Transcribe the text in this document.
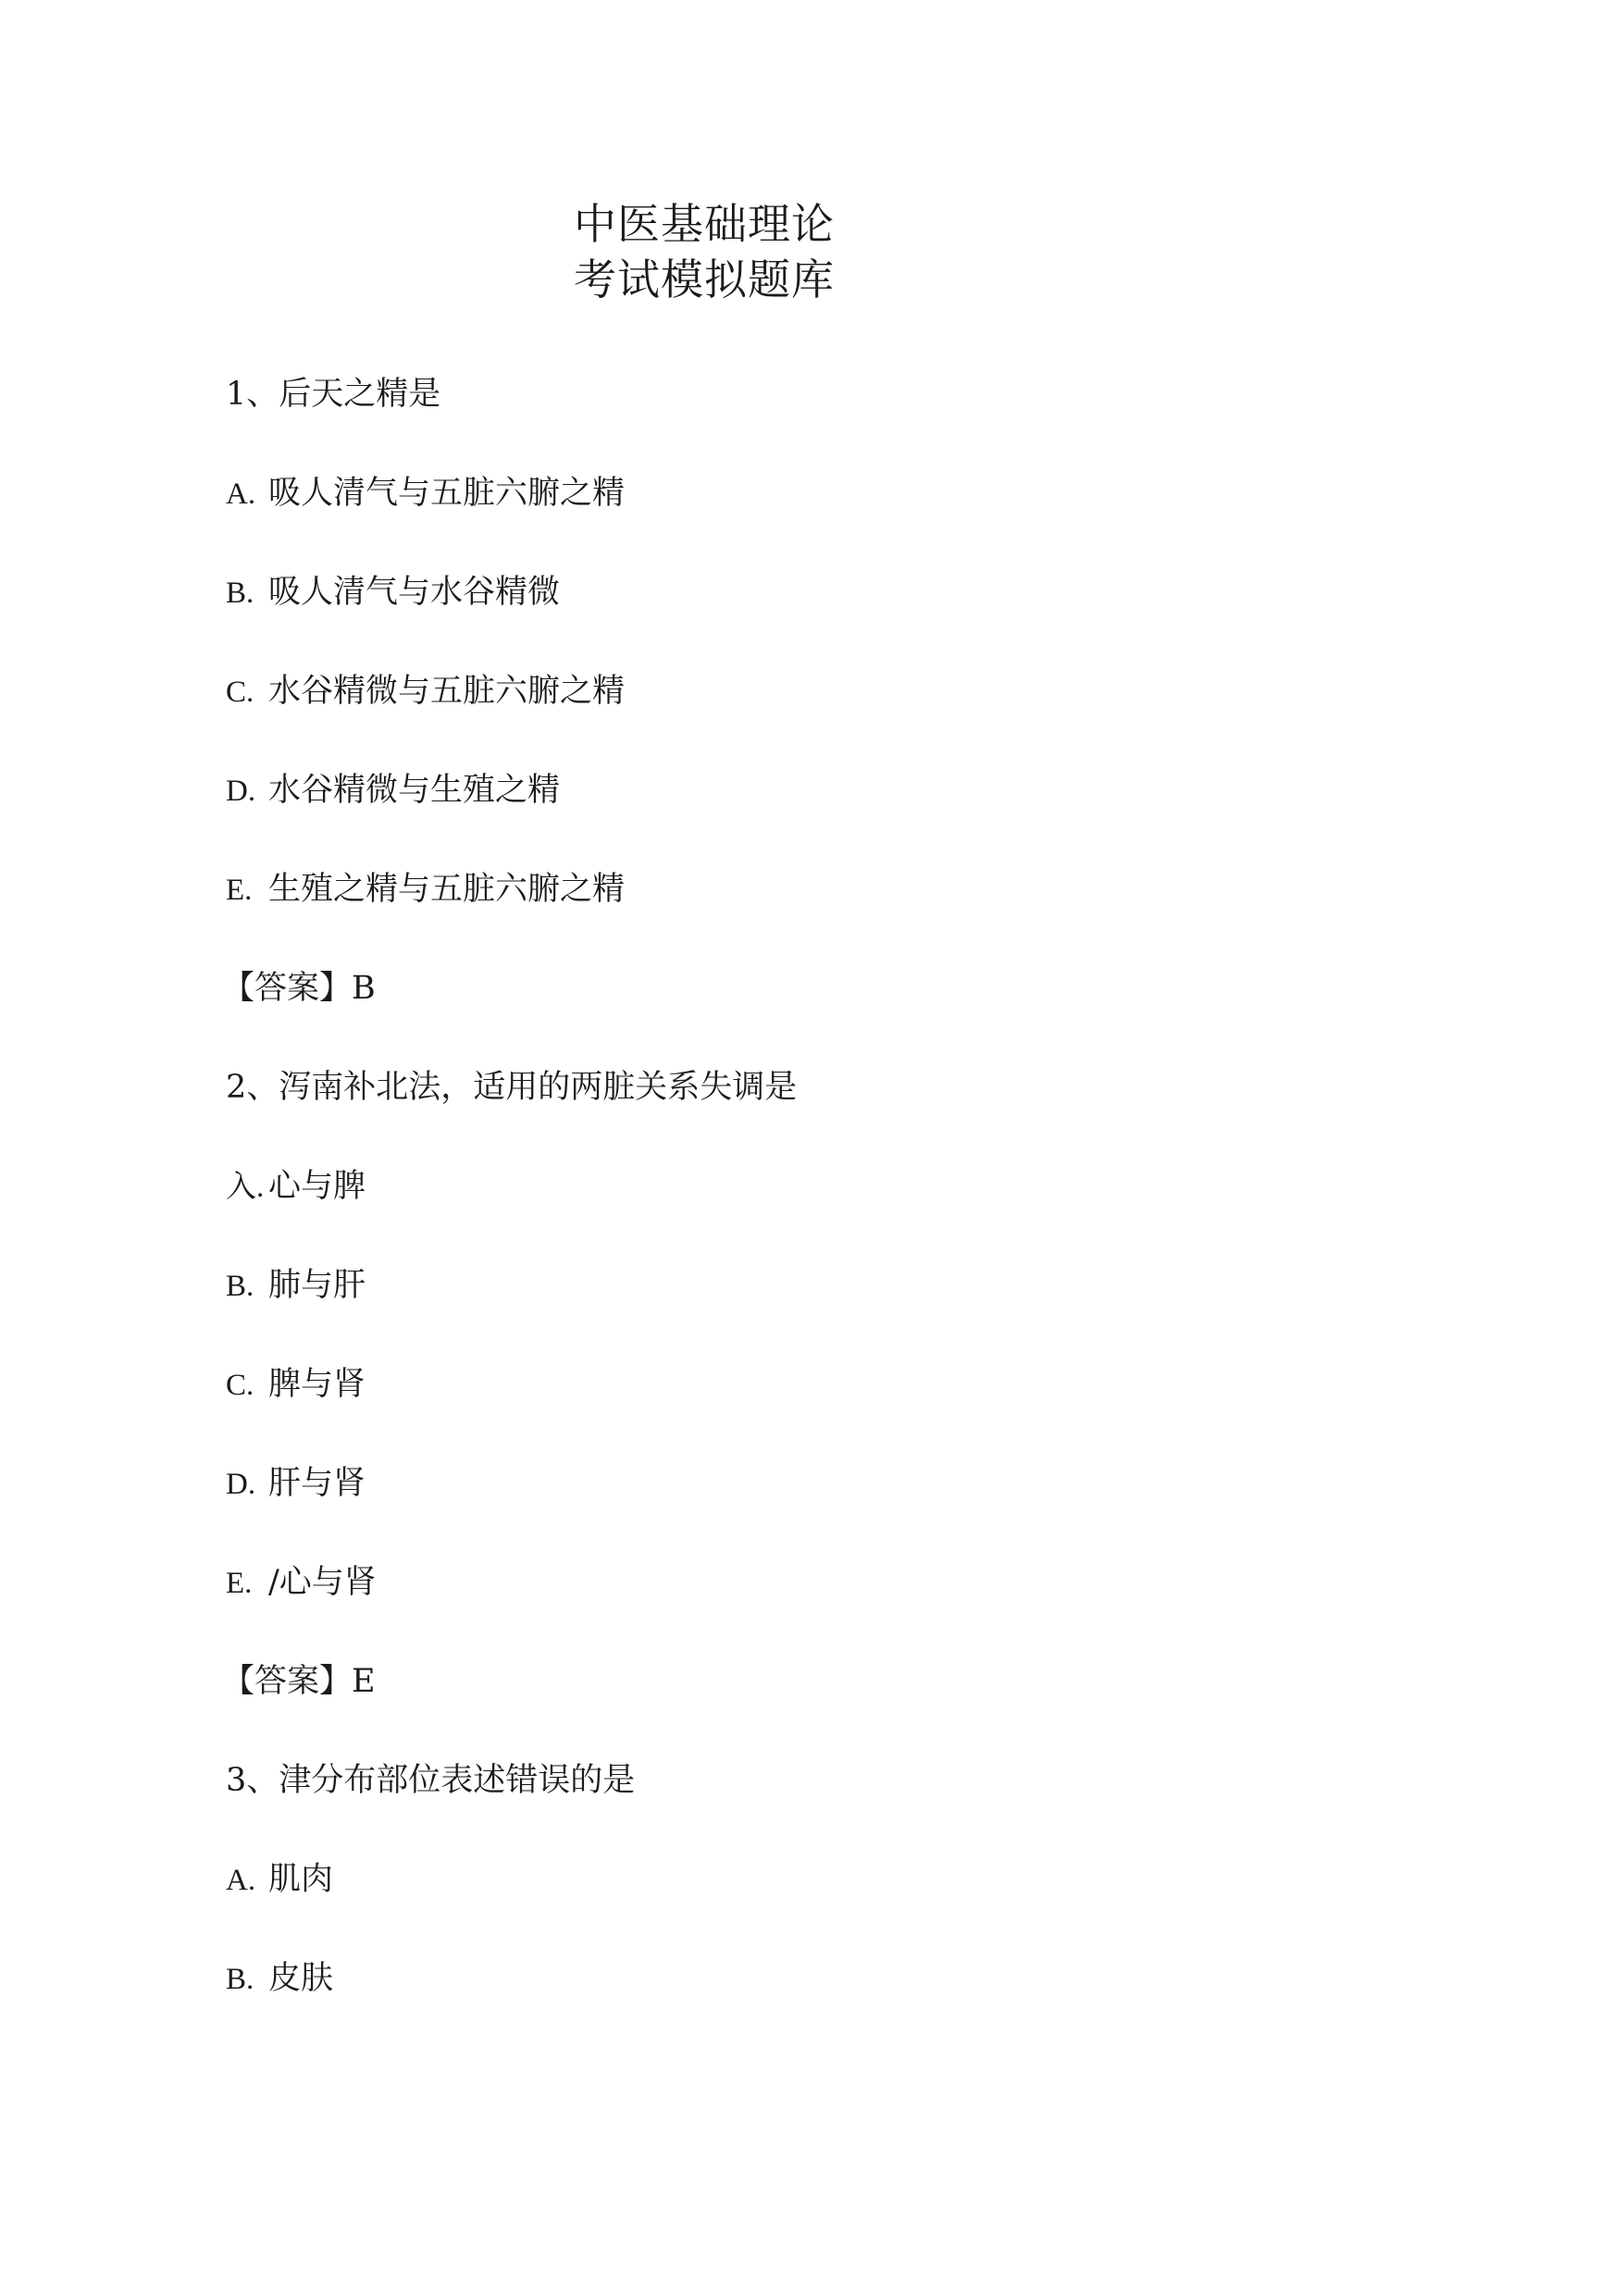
中医基础理论
考试模拟题库
1、后天之精是
A. 吸人清气与五脏六腑之精
B. 吸人清气与水谷精微
C. 水谷精微与五脏六腑之精
D. 水谷精微与生殖之精
E. 生殖之精与五脏六腑之精
【答案】B
2、泻南补北法，适用的两脏关系失调是
入. 心与脾
B. 肺与肝
C. 脾与肾
D. 肝与肾
E. /心与肾
【答案】E
3、津分布部位表述错误的是
A. 肌肉
B. 皮肤
